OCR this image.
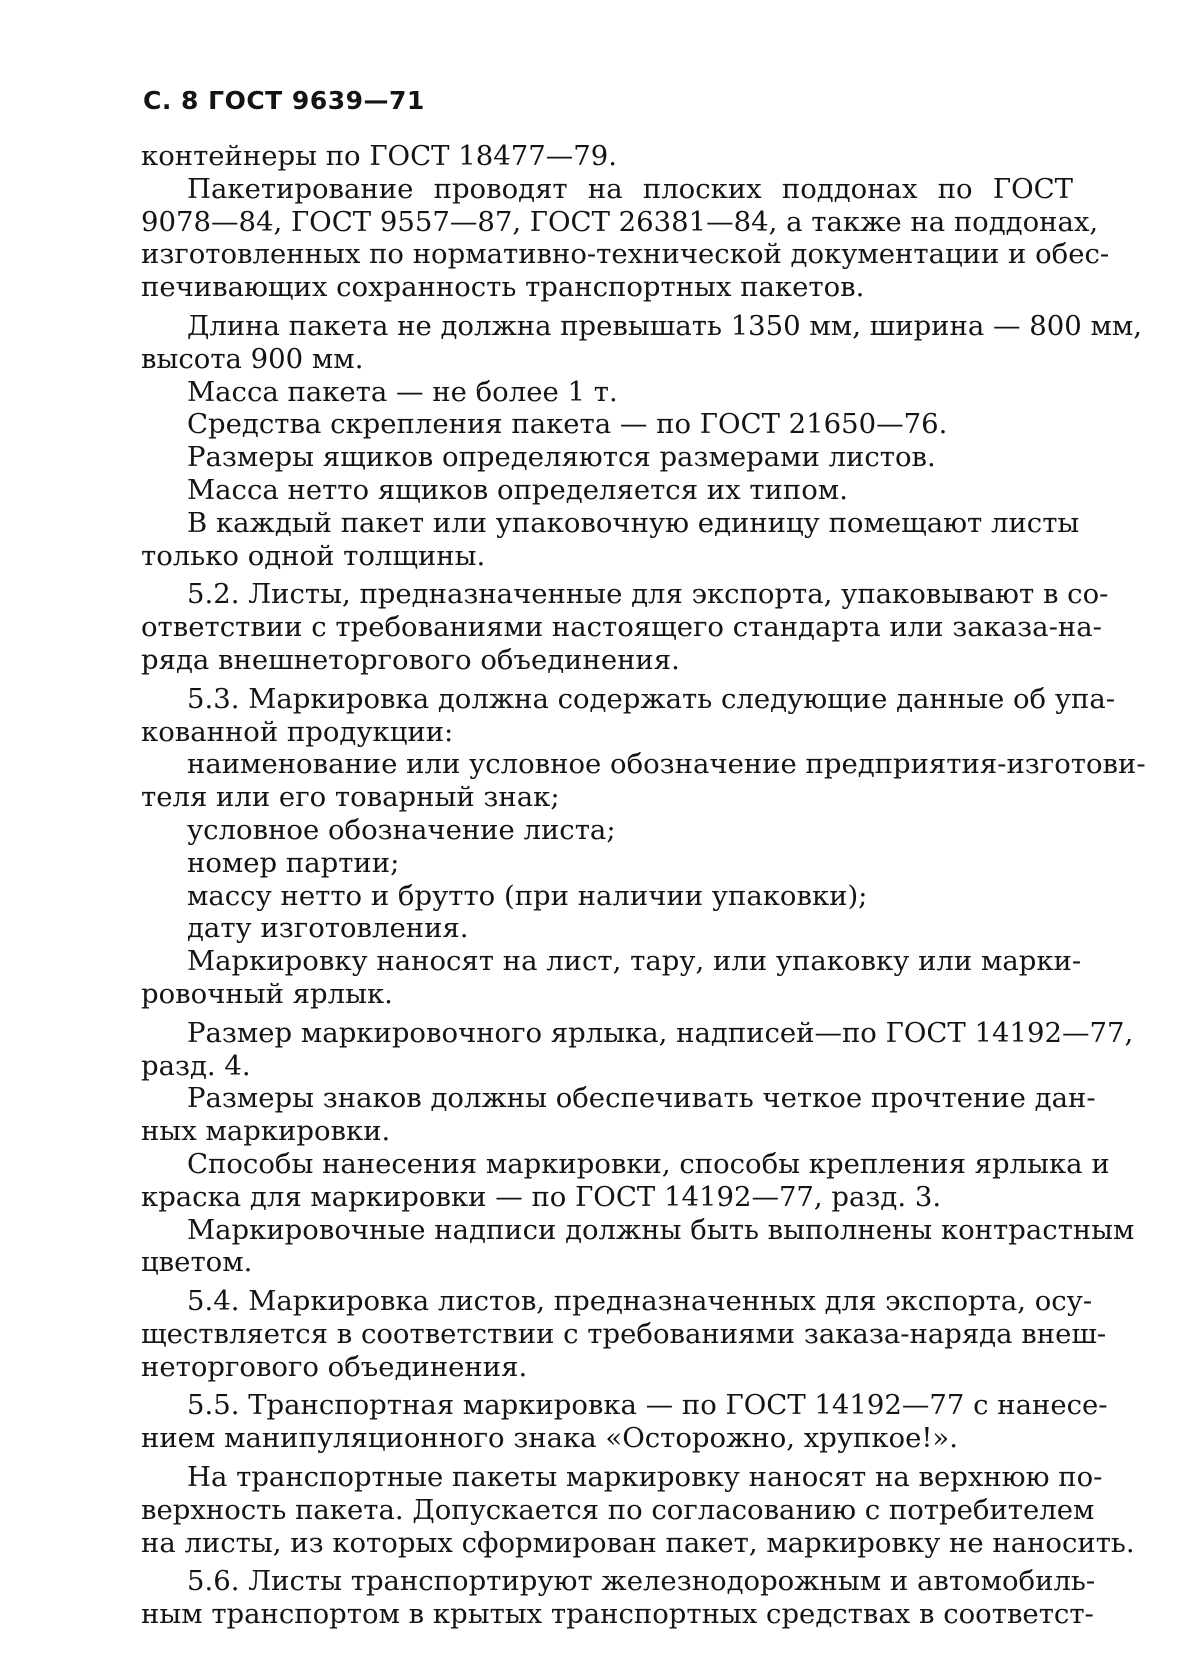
С. 8 ГОСТ 9639—71
контейнеры по ГОСТ 18477—79.
Пакетирование проводят на плоских поддонах по ГОСТ
9078—84, ГОСТ 9557—87, ГОСТ 26381—84, а также на поддонах,
изготовленных по нормативно-технической документации и обес-
печивающих сохранность транспортных пакетов.
Длина пакета не должна превышать 1350 мм, ширина — 800 мм,
высота 900 мм.
Масса пакета — не более 1 т.
Средства скрепления пакета — по ГОСТ 21650—76.
Размеры ящиков определяются размерами листов.
Масса нетто ящиков определяется их типом.
В каждый пакет или упаковочную единицу помещают листы
только одной толщины.
5.2. Листы, предназначенные для экспорта, упаковывают в со-
ответствии с требованиями настоящего стандарта или заказа-на-
ряда внешнеторгового объединения.
5.3. Маркировка должна содержать следующие данные об упа-
кованной продукции:
наименование или условное обозначение предприятия-изготови-
теля или его товарный знак;
условное обозначение листа;
номер партии;
массу нетто и брутто (при наличии упаковки);
дату изготовления.
Маркировку наносят на лист, тару, или упаковку или марки-
ровочный ярлык.
Размер маркировочного ярлыка, надписей—по ГОСТ 14192—77,
разд. 4.
Размеры знаков должны обеспечивать четкое прочтение дан-
ных маркировки.
Способы нанесения маркировки, способы крепления ярлыка и
краска для маркировки — по ГОСТ 14192—77, разд. 3.
Маркировочные надписи должны быть выполнены контрастным
цветом.
5.4. Маркировка листов, предназначенных для экспорта, осу-
ществляется в соответствии с требованиями заказа-наряда внеш-
неторгового объединения.
5.5. Транспортная маркировка — по ГОСТ 14192—77 с нанесе-
нием манипуляционного знака «Осторожно, хрупкое!».
На транспортные пакеты маркировку наносят на верхнюю по-
верхность пакета. Допускается по согласованию с потребителем
на листы, из которых сформирован пакет, маркировку не наносить.
5.6. Листы транспортируют железнодорожным и автомобиль-
ным транспортом в крытых транспортных средствах в соответст-
